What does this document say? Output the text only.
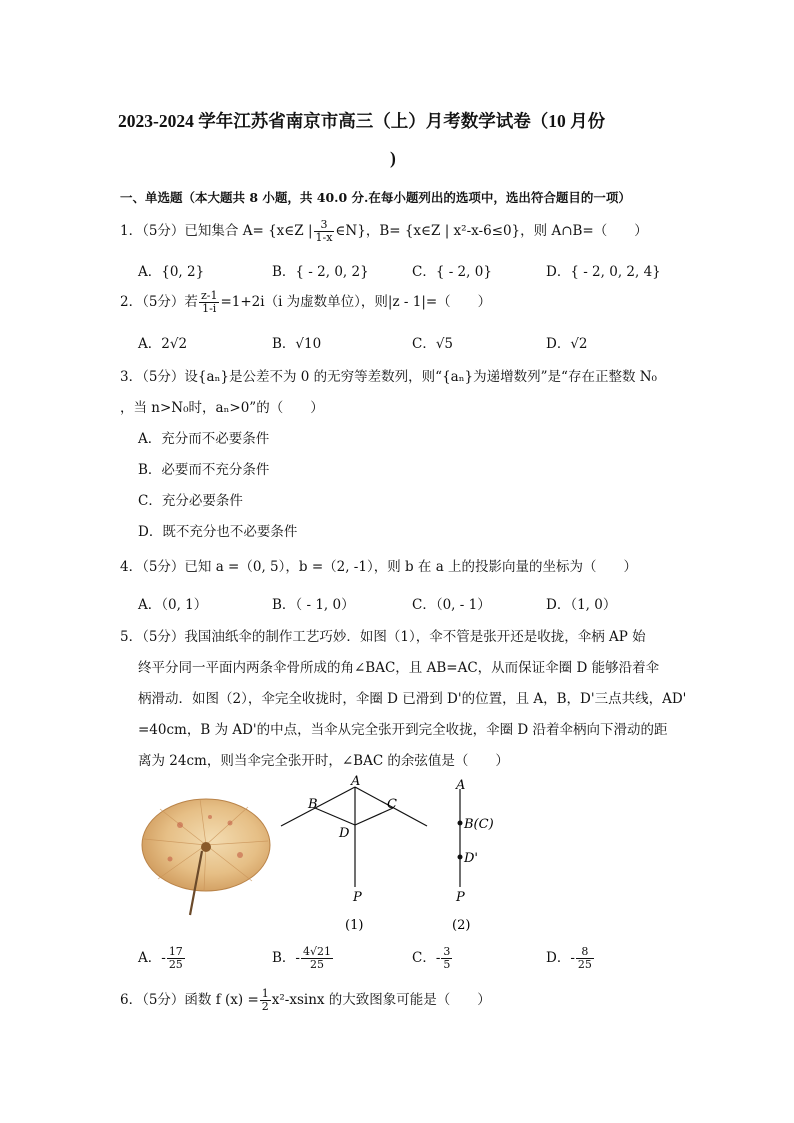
2023-2024 学年江苏省南京市高三（上）月考数学试卷（10 月份
)
一、单选题（本大题共 8 小题，共 40.0 分.在每小题列出的选项中，选出符合题目的一项）
1．（5分）已知集合 A= {x∈Z | $\frac{3}{1-x}$ ∈N}，B= {x∈Z | x²-x-6≤0}，则 A∩B=（　　）
A．{0, 2}	B．{ - 2, 0, 2}	C．{ - 2, 0}	D．{ - 2, 0, 2, 4}
2．（5分）若 $\frac{z-1}{1-i} =1+2i(i$ 为虚数单位），则|z - 1|=（　　）
A．2√2	B．√10	C．√5	D．√2
3．（5分）设{aₙ}是公差不为 0 的无穷等差数列，则“{aₙ}为递增数列”是“存在正整数 N₀
，当 n>N₀时，aₙ>0”的（　　）
A．充分而不必要条件
B．必要而不充分条件
C．充分必要条件
D．既不充分也不必要条件
4．（5分）已知 a =（0, 5），b =（2, -1），则 b 在 a 上的投影向量的坐标为（　　）
A．（0, 1）	B．（ - 1, 0）	C．（0, - 1）	D．（1, 0）
5．（5分）我国油纸伞的制作工艺巧妙．如图（1），伞不管是张开还是收拢，伞柄 AP 始
终平分同一平面内两条伞骨所成的角∠BAC，且 AB=AC，从而保证伞圈 D 能够沿着伞
柄滑动．如图（2），伞完全收拢时，伞圈 D 已滑到 D'的位置，且 A，B，D'三点共线，AD'
=40cm，B 为 AD'的中点，当伞从完全张开到完全收拢，伞圈 D 沿着伞柄向下滑动的距
离为 24cm，则当伞完全张开时，∠BAC 的余弦值是（　　）
A
B	C
D
P
(1)
A
B(C)
D'
P
(2)
A．- $\frac{17}{25}$	B．- $\frac{4√21}{25}$	C．- $\frac{3}{5}$	D．- $\frac{8}{25}$
6．（5分）函数 f $(x) = \frac{1}{2} x^2-xsinx$ 的大致图象可能是（　　）
